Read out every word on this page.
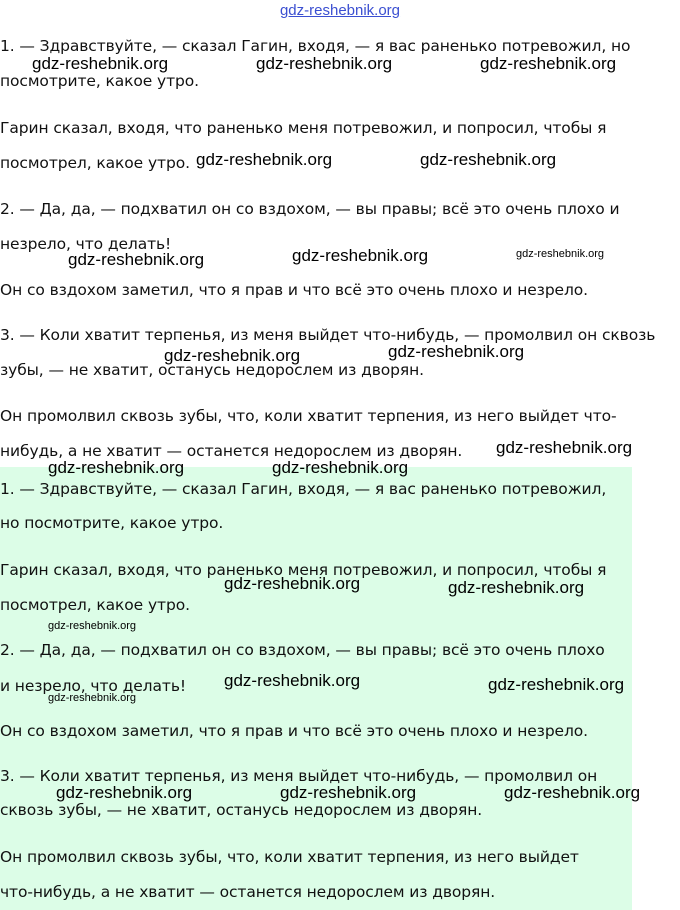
gdz-reshebnik.org
1. — Здравствуйте, — сказал Гагин, входя, — я вас раненько потревожил, но
посмотрите, какое утро.
Гарин сказал, входя, что раненько меня потревожил, и попросил, чтобы я
посмотрел, какое утро.
2. — Да, да, — подхватил он со вздохом, — вы правы; всё это очень плохо и
незрело, что делать!
Он со вздохом заметил, что я прав и что всё это очень плохо и незрело.
3. — Коли хватит терпенья, из меня выйдет что-нибудь, — промолвил он сквозь
зубы, — не хватит, останусь недорослем из дворян.
Он промолвил сквозь зубы, что, коли хватит терпения, из него выйдет что-
нибудь, а не хватит — останется недорослем из дворян.
1. — Здравствуйте, — сказал Гагин, входя, — я вас раненько потревожил,
но посмотрите, какое утро.
Гарин сказал, входя, что раненько меня потревожил, и попросил, чтобы я
посмотрел, какое утро.
2. — Да, да, — подхватил он со вздохом, — вы правы; всё это очень плохо
и незрело, что делать!
Он со вздохом заметил, что я прав и что всё это очень плохо и незрело.
3. — Коли хватит терпенья, из меня выйдет что-нибудь, — промолвил он
сквозь зубы, — не хватит, останусь недорослем из дворян.
Он промолвил сквозь зубы, что, коли хватит терпения, из него выйдет
что-нибудь, а не хватит — останется недорослем из дворян.
gdz-reshebnik.org	gdz-reshebnik.org	gdz-reshebnik.org
gdz-reshebnik.org	gdz-reshebnik.org
gdz-reshebnik.org	gdz-reshebnik.org	gdz-reshebnik.org
gdz-reshebnik.org	gdz-reshebnik.org
gdz-reshebnik.org
gdz-reshebnik.org	gdz-reshebnik.org
gdz-reshebnik.org	gdz-reshebnik.org
gdz-reshebnik.org
gdz-reshebnik.org
gdz-reshebnik.org
gdz-reshebnik.org
gdz-reshebnik.org	gdz-reshebnik.org	gdz-reshebnik.org
